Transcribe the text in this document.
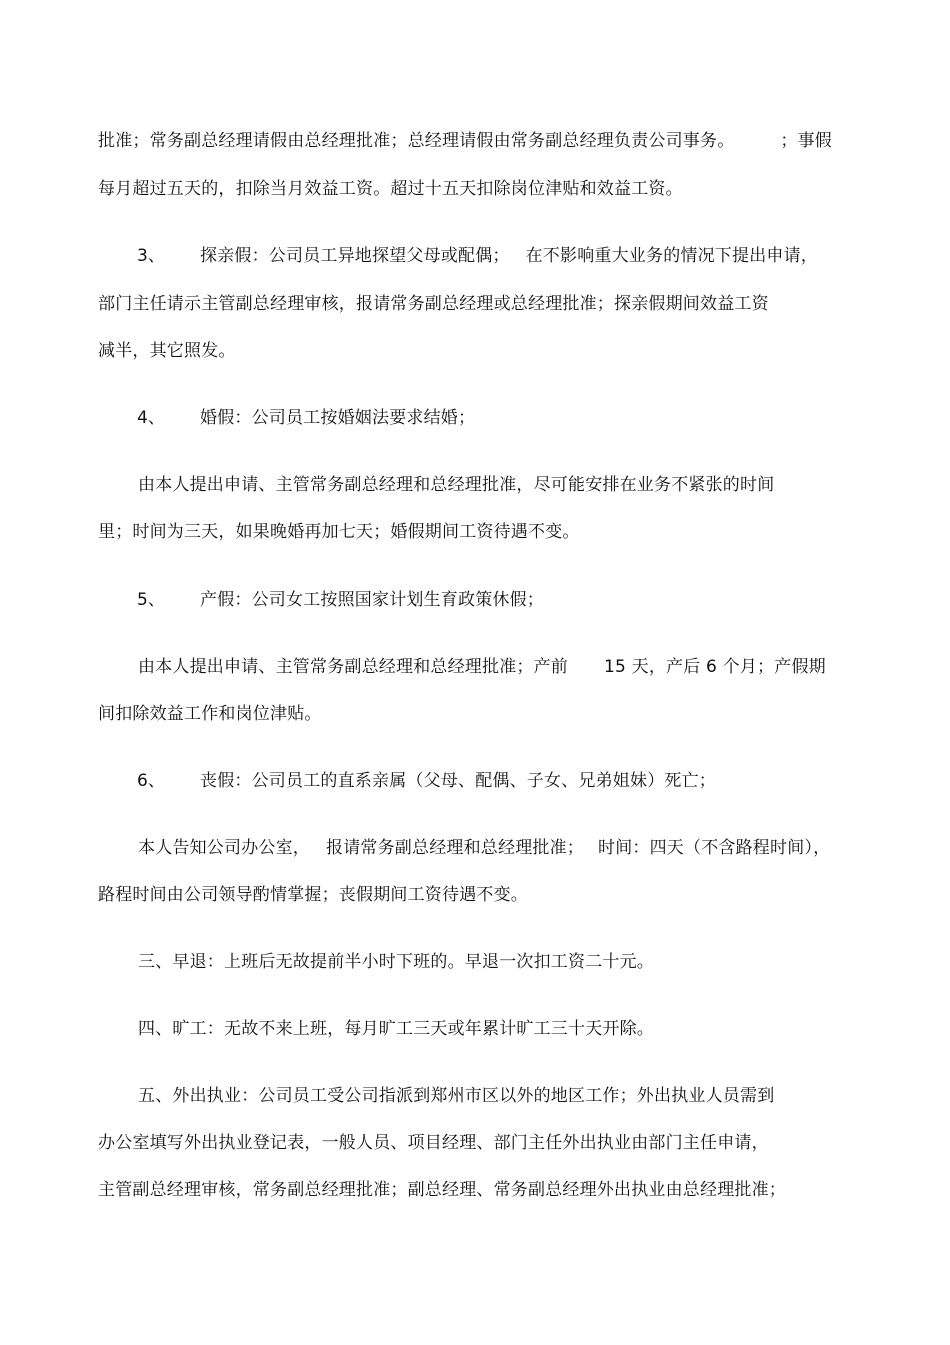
批准；常务副总经理请假由总经理批准；总经理请假由常务副总经理负责公司事务。	；事假
每月超过五天的，扣除当月效益工资。超过十五天扣除岗位津贴和效益工资。
3、 探亲假：公司员工异地探望父母或配偶； 在不影响重大业务的情况下提出申请，
部门主任请示主管副总经理审核，报请常务副总经理或总经理批准；探亲假期间效益工资
减半，其它照发。
4、 婚假：公司员工按婚姻法要求结婚；
由本人提出申请、主管常务副总经理和总经理批准，尽可能安排在业务不紧张的时间
里；时间为三天，如果晚婚再加七天；婚假期间工资待遇不变。
5、 产假：公司女工按照国家计划生育政策休假；
由本人提出申请、主管常务副总经理和总经理批准；产前 15 天，产后 6 个月；产假期
间扣除效益工作和岗位津贴。
6、 丧假：公司员工的直系亲属（父母、配偶、子女、兄弟姐妹）死亡；
本人告知公司办公室， 报请常务副总经理和总经理批准； 时间：四天（不含路程时间），
路程时间由公司领导酌情掌握；丧假期间工资待遇不变。
三、早退：上班后无故提前半小时下班的。早退一次扣工资二十元。
四、旷工：无故不来上班，每月旷工三天或年累计旷工三十天开除。
五、外出执业：公司员工受公司指派到郑州市区以外的地区工作；外出执业人员需到
办公室填写外出执业登记表，一般人员、项目经理、部门主任外出执业由部门主任申请，
主管副总经理审核，常务副总经理批准；副总经理、常务副总经理外出执业由总经理批准；
